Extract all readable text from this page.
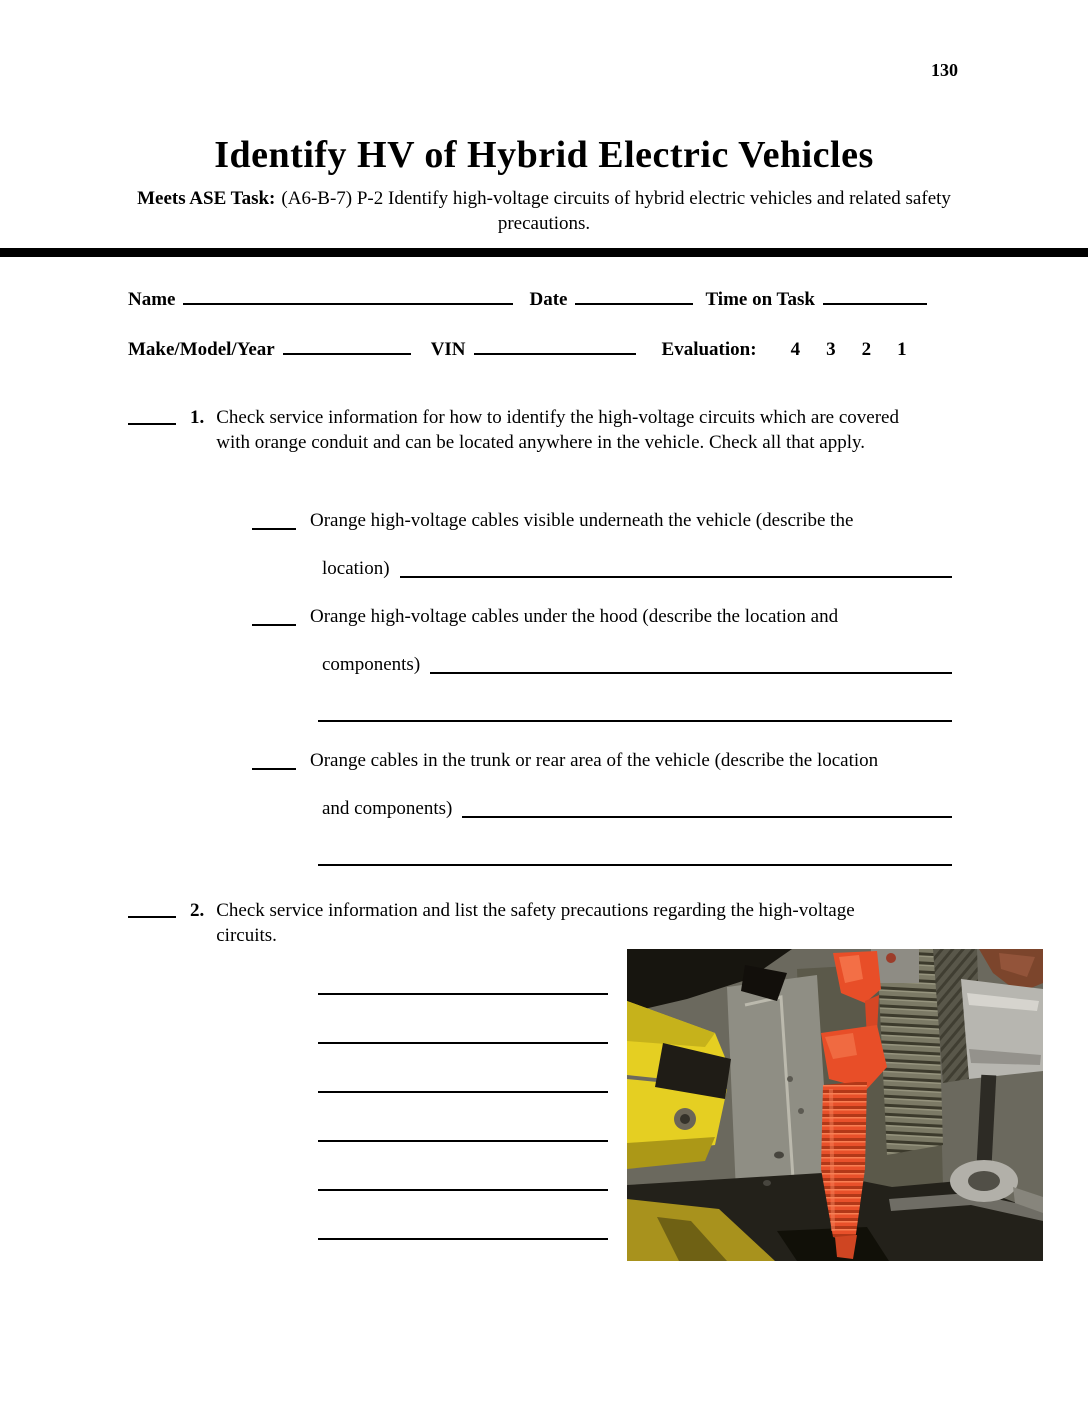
130
Identify HV of Hybrid Electric Vehicles

Meets ASE Task: (A6-B-7) P-2 Identify high-voltage circuits of hybrid electric vehicles and related safety precautions.

Name	Date	Time on Task
Make/Model/Year	VIN	Evaluation: 4 3 2 1
1. Check service information for how to identify the high-voltage circuits which are covered with orange conduit and can be located anywhere in the vehicle. Check all that apply.
Orange high-voltage cables visible underneath the vehicle (describe the
location)
Orange high-voltage cables under the hood (describe the location and
components)
Orange cables in the trunk or rear area of the vehicle (describe the location
and components)
2. Check service information and list the safety precautions regarding the high-voltage circuits.
